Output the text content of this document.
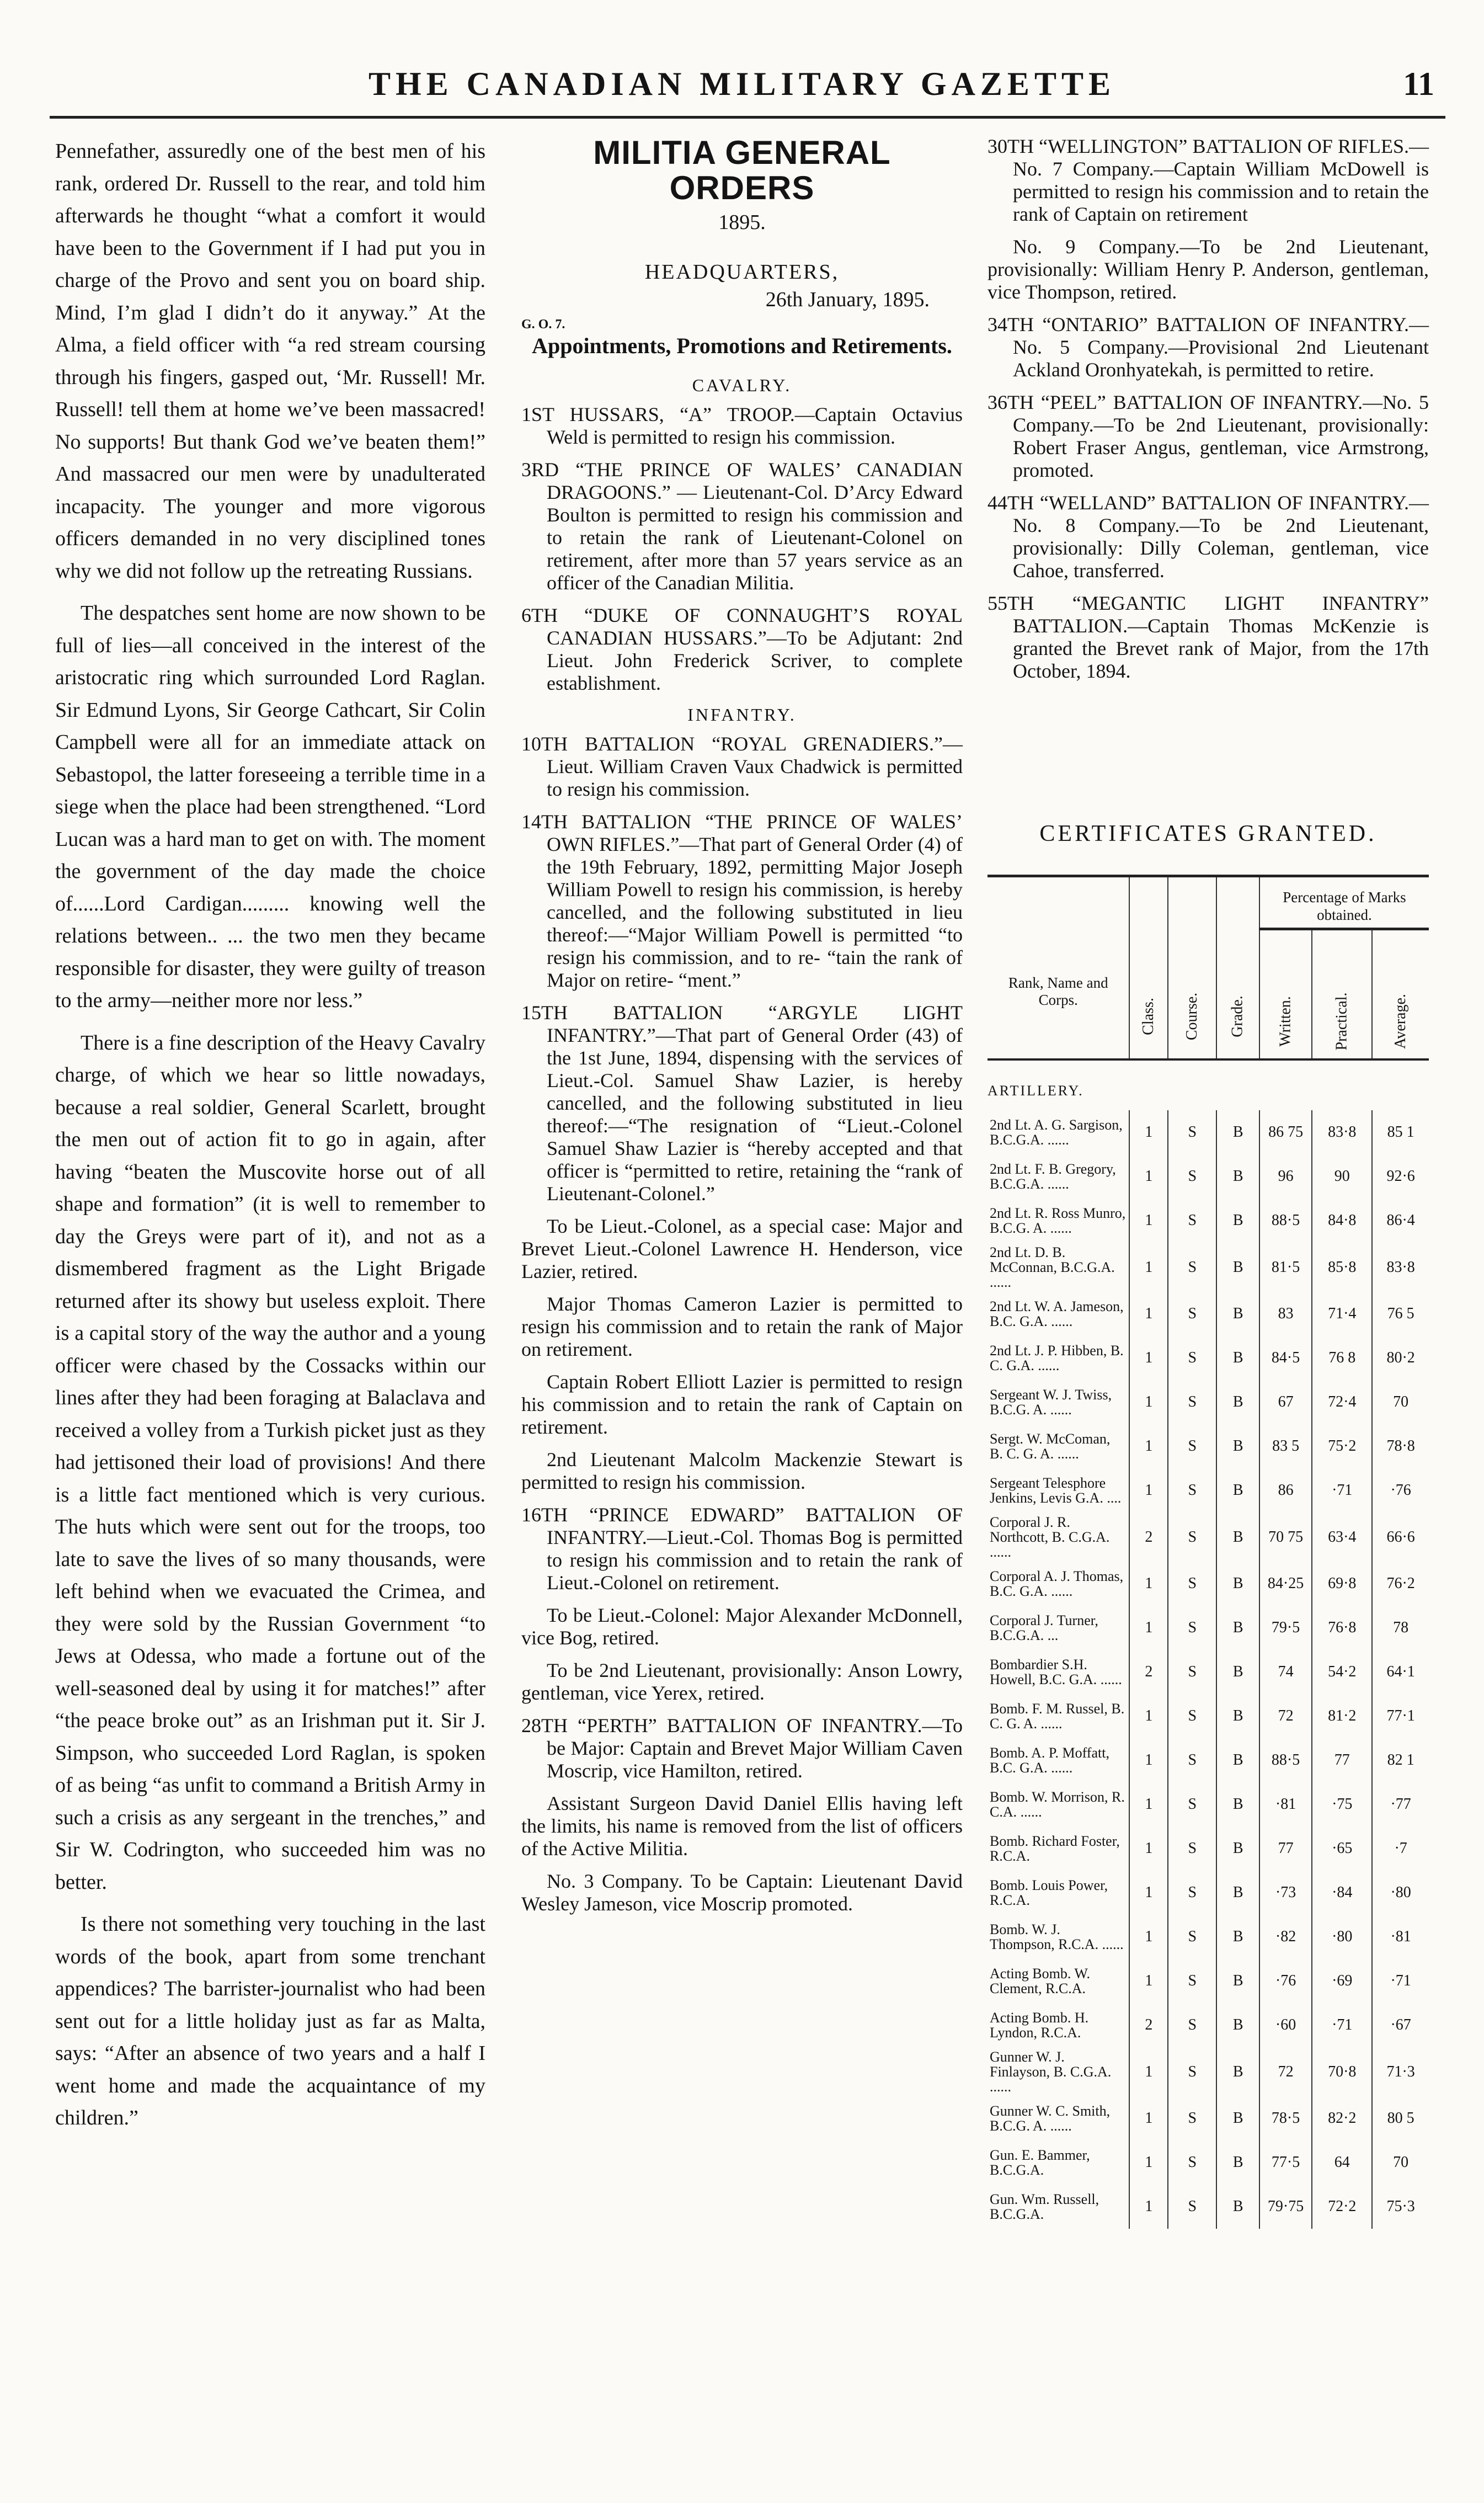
THE CANADIAN MILITARY GAZETTE	11

Pennefather, assuredly one of the best men of his rank, ordered Dr. Russell to the rear, and told him afterwards he thought “what a comfort it would have been to the Government if I had put you in charge of the Provo and sent you on board ship. Mind, I’m glad I didn’t do it anyway.” At the Alma, a field officer with “a red stream coursing through his fingers, gasped out, ‘Mr. Russell! Mr. Russell! tell them at home we’ve been massacred! No supports! But thank God we’ve beaten them!” And massacred our men were by unadulterated incapacity. The younger and more vigorous officers demanded in no very disciplined tones why we did not follow up the retreating Russians.

The despatches sent home are now shown to be full of lies—all conceived in the interest of the aristocratic ring which surrounded Lord Raglan. Sir Edmund Lyons, Sir George Cathcart, Sir Colin Campbell were all for an immediate attack on Sebastopol, the latter foreseeing a terrible time in a siege when the place had been strengthened. “Lord Lucan was a hard man to get on with. The moment the government of the day made the choice of......Lord Cardigan......... knowing well the relations between.. ... the two men they became responsible for disaster, they were guilty of treason to the army—neither more nor less.”

There is a fine description of the Heavy Cavalry charge, of which we hear so little nowadays, because a real soldier, General Scarlett, brought the men out of action fit to go in again, after having “beaten the Muscovite horse out of all shape and formation” (it is well to remember to day the Greys were part of it), and not as a dismembered fragment as the Light Brigade returned after its showy but useless exploit. There is a capital story of the way the author and a young officer were chased by the Cossacks within our lines after they had been foraging at Balaclava and received a volley from a Turkish picket just as they had jettisoned their load of provisions! And there is a little fact mentioned which is very curious. The huts which were sent out for the troops, too late to save the lives of so many thousands, were left behind when we evacuated the Crimea, and they were sold by the Russian Government “to Jews at Odessa, who made a fortune out of the well-seasoned deal by using it for matches!” after “the peace broke out” as an Irishman put it. Sir J. Simpson, who succeeded Lord Raglan, is spoken of as being “as unfit to command a British Army in such a crisis as any sergeant in the trenches,” and Sir W. Codrington, who succeeded him was no better.

Is there not something very touching in the last words of the book, apart from some trenchant appendices? The barrister-journalist who had been sent out for a little holiday just as far as Malta, says: “After an absence of two years and a half I went home and made the acquaintance of my children.”

MILITIA GENERAL ORDERS
1895.
HEADQUARTERS,
26th January, 1895.
G. O. 7.
Appointments, Promotions and Retirements.
CAVALRY.

1ST HUSSARS, “A” TROOP.—Captain Octavius Weld is permitted to resign his commission.

3RD “THE PRINCE OF WALES’ CANADIAN DRAGOONS.” — Lieutenant-Col. D’Arcy Edward Boulton is permitted to resign his commission and to retain the rank of Lieutenant-Colonel on retirement, after more than 57 years service as an officer of the Canadian Militia.

6TH “DUKE OF CONNAUGHT’S ROYAL CANADIAN HUSSARS.”—To be Adjutant: 2nd Lieut. John Frederick Scriver, to complete establishment.

INFANTRY.

10TH BATTALION “ROYAL GRENADIERS.”—Lieut. William Craven Vaux Chadwick is permitted to resign his commission.

14TH BATTALION “THE PRINCE OF WALES’ OWN RIFLES.”—That part of General Order (4) of the 19th February, 1892, permitting Major Joseph William Powell to resign his commission, is hereby cancelled, and the following substituted in lieu thereof:—“Major William Powell is permitted “to resign his commission, and to re- “tain the rank of Major on retire- “ment.”

15TH BATTALION “ARGYLE LIGHT INFANTRY.”—That part of General Order (43) of the 1st June, 1894, dispensing with the services of Lieut.-Col. Samuel Shaw Lazier, is hereby cancelled, and the following substituted in lieu thereof:—“The resignation of “Lieut.-Colonel Samuel Shaw Lazier is “hereby accepted and that officer is “permitted to retire, retaining the “rank of Lieutenant-Colonel.”

To be Lieut.-Colonel, as a special case: Major and Brevet Lieut.-Colonel Lawrence H. Henderson, vice Lazier, retired.

Major Thomas Cameron Lazier is permitted to resign his commission and to retain the rank of Major on retirement.

Captain Robert Elliott Lazier is permitted to resign his commission and to retain the rank of Captain on retirement.

2nd Lieutenant Malcolm Mackenzie Stewart is permitted to resign his commission.

16TH “PRINCE EDWARD” BATTALION OF INFANTRY.—Lieut.-Col. Thomas Bog is permitted to resign his commission and to retain the rank of Lieut.-Colonel on retirement.

To be Lieut.-Colonel: Major Alexander McDonnell, vice Bog, retired.

To be 2nd Lieutenant, provisionally: Anson Lowry, gentleman, vice Yerex, retired.

28TH “PERTH” BATTALION OF INFANTRY.—To be Major: Captain and Brevet Major William Caven Moscrip, vice Hamilton, retired.

Assistant Surgeon David Daniel Ellis having left the limits, his name is removed from the list of officers of the Active Militia.

No. 3 Company. To be Captain: Lieutenant David Wesley Jameson, vice Moscrip promoted.

30TH “WELLINGTON” BATTALION OF RIFLES.—No. 7 Company.—Captain William McDowell is permitted to resign his commission and to retain the rank of Captain on retirement

No. 9 Company.—To be 2nd Lieutenant, provisionally: William Henry P. Anderson, gentleman, vice Thompson, retired.

34TH “ONTARIO” BATTALION OF INFANTRY.—No. 5 Company.—Provisional 2nd Lieutenant Ackland Oronhyatekah, is permitted to retire.

36TH “PEEL” BATTALION OF INFANTRY.—No. 5 Company.—To be 2nd Lieutenant, provisionally: Robert Fraser Angus, gentleman, vice Armstrong, promoted.

44TH “WELLAND” BATTALION OF INFANTRY.—No. 8 Company.—To be 2nd Lieutenant, provisionally: Dilly Coleman, gentleman, vice Cahoe, transferred.

55TH “MEGANTIC LIGHT INFANTRY” BATTALION.—Captain Thomas McKenzie is granted the Brevet rank of Major, from the 17th October, 1894.

CERTIFICATES GRANTED.
Rank, Name and Corps.	Class.	Course.	Grade.	Percentage of Marks obtained.		
				Written.	Practical.	Average.
ARTILLERY.						
2nd Lt. A. G. Sargison, B.C.G.A. ......	1	S	B	86 75	83·8	85 1
2nd Lt. F. B. Gregory, B.C.G.A. ......	1	S	B	96	90	92·6
2nd Lt. R. Ross Munro, B.C.G. A. ......	1	S	B	88·5	84·8	86·4
2nd Lt. D. B. McConnan, B.C.G.A. ......	1	S	B	81·5	85·8	83·8
2nd Lt. W. A. Jameson, B.C. G.A. ......	1	S	B	83	71·4	76 5
2nd Lt. J. P. Hibben, B. C. G.A. ......	1	S	B	84·5	76 8	80·2
Sergeant W. J. Twiss, B.C.G. A. ......	1	S	B	67	72·4	70
Sergt. W. McComan, B. C. G. A. ......	1	S	B	83 5	75·2	78·8
Sergeant Telesphore Jenkins, Levis G.A. ....	1	S	B	86	·71	·76
Corporal J. R. Northcott, B. C.G.A. ......	2	S	B	70 75	63·4	66·6
Corporal A. J. Thomas, B.C. G.A. ......	1	S	B	84·25	69·8	76·2
Corporal J. Turner, B.C.G.A. ...	1	S	B	79·5	76·8	78
Bombardier S.H. Howell, B.C. G.A. ......	2	S	B	74	54·2	64·1
Bomb. F. M. Russel, B. C. G. A. ......	1	S	B	72	81·2	77·1
Bomb. A. P. Moffatt, B.C. G.A. ......	1	S	B	88·5	77	82 1
Bomb. W. Morrison, R. C.A. ......	1	S	B	·81	·75	·77
Bomb. Richard Foster, R.C.A.	1	S	B	77	·65	·7
Bomb. Louis Power, R.C.A.	1	S	B	·73	·84	·80
Bomb. W. J. Thompson, R.C.A. ......	1	S	B	·82	·80	·81
Acting Bomb. W. Clement, R.C.A.	1	S	B	·76	·69	·71
Acting Bomb. H. Lyndon, R.C.A.	2	S	B	·60	·71	·67
Gunner W. J. Finlayson, B. C.G.A. ......	1	S	B	72	70·8	71·3
Gunner W. C. Smith, B.C.G. A. ......	1	S	B	78·5	82·2	80 5
Gun. E. Bammer, B.C.G.A.	1	S	B	77·5	64	70
Gun. Wm. Russell, B.C.G.A.	1	S	B	79·75	72·2	75·3
